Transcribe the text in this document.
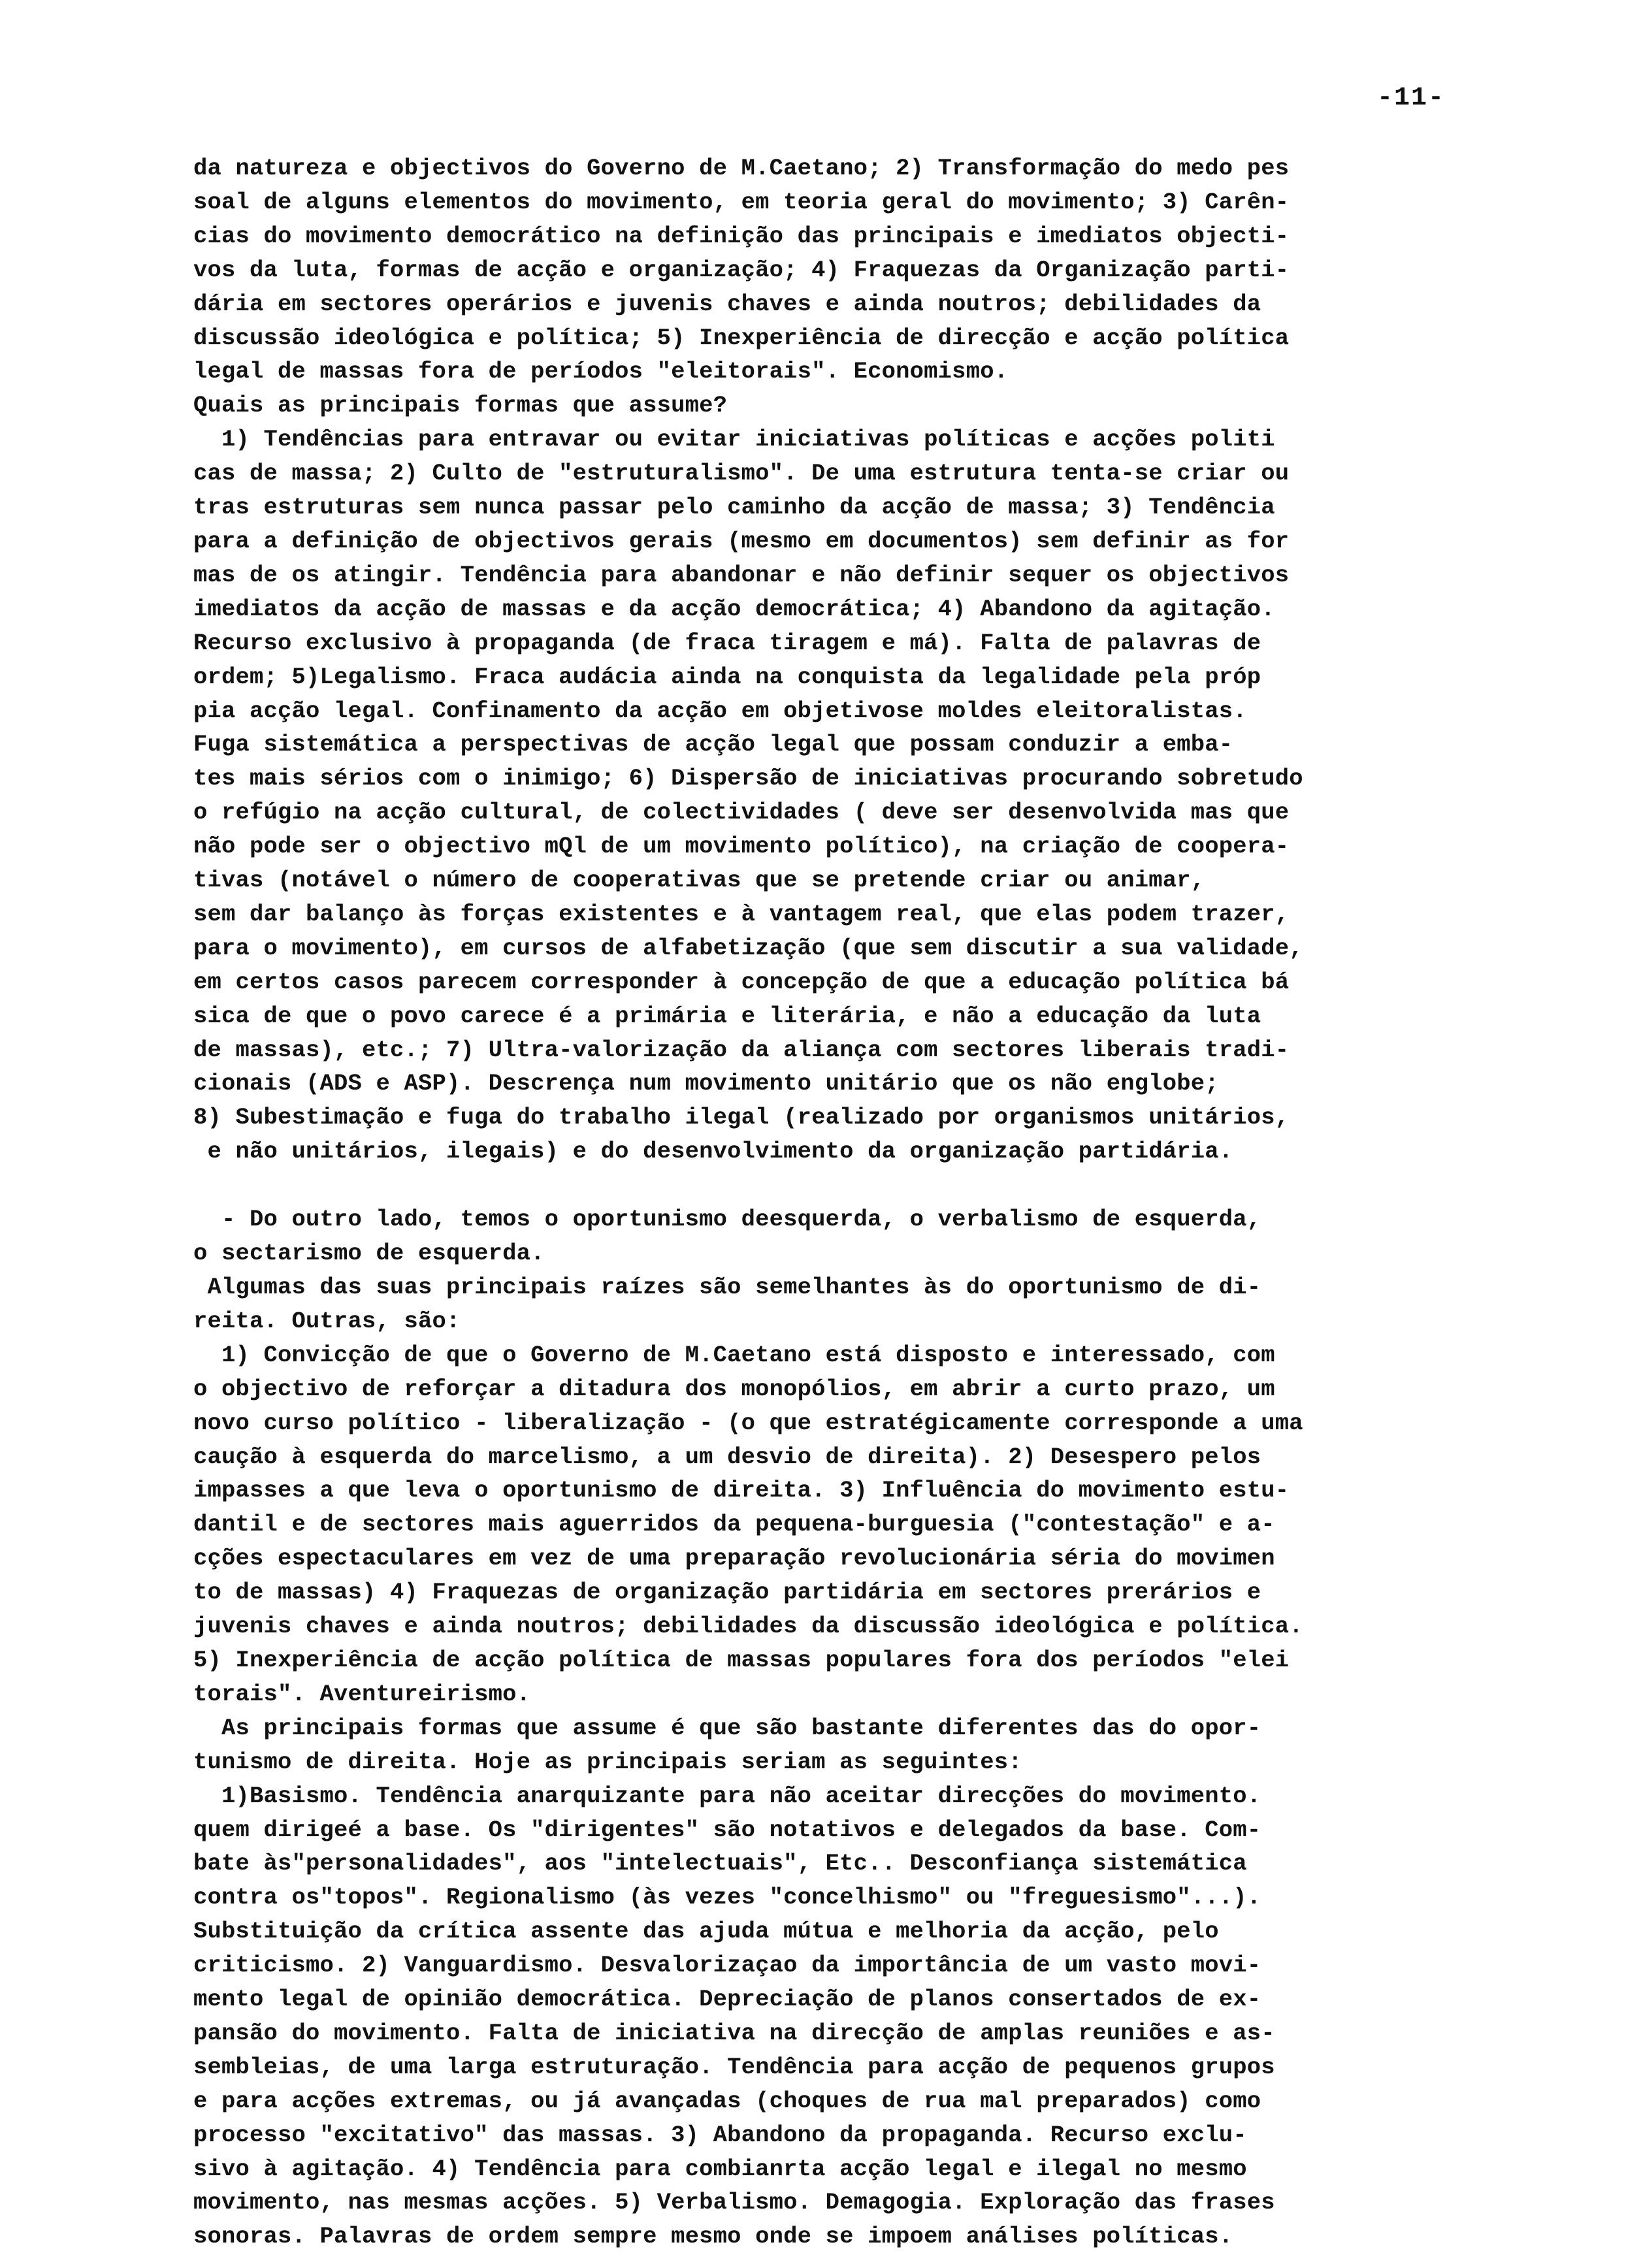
-11-
da natureza e objectivos do Governo de M.Caetano; 2) Transformação do medo pes
soal de alguns elementos do movimento, em teoria geral do movimento; 3) Carên-
cias do movimento democrático na definição das principais e imediatos objecti-
vos da luta, formas de acção e organização; 4) Fraquezas da Organização parti-
dária em sectores operários e juvenis chaves e ainda noutros; debilidades da
discussão ideológica e política; 5) Inexperiência de direcção e acção política
legal de massas fora de períodos "eleitorais". Economismo.
Quais as principais formas que assume?
1) Tendências para entravar ou evitar iniciativas políticas e acções politi
cas de massa; 2) Culto de "estruturalismo". De uma estrutura tenta-se criar ou
tras estruturas sem nunca passar pelo caminho da acção de massa; 3) Tendência
para a definição de objectivos gerais (mesmo em documentos) sem definir as for
mas de os atingir. Tendência para abandonar e não definir sequer os objectivos
imediatos da acção de massas e da acção democrática; 4) Abandono da agitação.
Recurso exclusivo à propaganda (de fraca tiragem e má). Falta de palavras de
ordem; 5)Legalismo. Fraca audácia ainda na conquista da legalidade pela próp
pia acção legal. Confinamento da acção em objetivose moldes eleitoralistas.
Fuga sistemática a perspectivas de acção legal que possam conduzir a emba-
tes mais sérios com o inimigo; 6) Dispersão de iniciativas procurando sobretudo
o refúgio na acção cultural, de colectividades ( deve ser desenvolvida mas que
não pode ser o objectivo mQl de um movimento político), na criação de coopera-
tivas (notável o número de cooperativas que se pretende criar ou animar,
sem dar balanço às forças existentes e à vantagem real, que elas podem trazer,
para o movimento), em cursos de alfabetização (que sem discutir a sua validade,
em certos casos parecem corresponder à concepção de que a educação política bá
sica de que o povo carece é a primária e literária, e não a educação da luta
de massas), etc.; 7) Ultra-valorização da aliança com sectores liberais tradi-
cionais (ADS e ASP). Descrença num movimento unitário que os não englobe;
8) Subestimação e fuga do trabalho ilegal (realizado por organismos unitários,
e não unitários, ilegais) e do desenvolvimento da organização partidária.
- Do outro lado, temos o oportunismo deesquerda, o verbalismo de esquerda,
o sectarismo de esquerda.
Algumas das suas principais raízes são semelhantes às do oportunismo de di-
reita. Outras, são:
1) Convicção de que o Governo de M.Caetano está disposto e interessado, com
o objectivo de reforçar a ditadura dos monopólios, em abrir a curto prazo, um
novo curso político - liberalização - (o que estratégicamente corresponde a uma
caução à esquerda do marcelismo, a um desvio de direita). 2) Desespero pelos
impasses a que leva o oportunismo de direita. 3) Influência do movimento estu-
dantil e de sectores mais aguerridos da pequena-burguesia ("contestação" e a-
cções espectaculares em vez de uma preparação revolucionária séria do movimen
to de massas) 4) Fraquezas de organização partidária em sectores prerários e
juvenis chaves e ainda noutros; debilidades da discussão ideológica e política.
5) Inexperiência de acção política de massas populares fora dos períodos "elei
torais". Aventureirismo.
As principais formas que assume é que são bastante diferentes das do opor-
tunismo de direita. Hoje as principais seriam as seguintes:
1)Basismo. Tendência anarquizante para não aceitar direcções do movimento.
quem dirigeé a base. Os "dirigentes" são notativos e delegados da base. Com-
bate às"personalidades", aos "intelectuais", Etc.. Desconfiança sistemática
contra os"topos". Regionalismo (às vezes "concelhismo" ou "freguesismo"...).
Substituição da crítica assente das ajuda mútua e melhoria da acção, pelo
criticismo. 2) Vanguardismo. Desvalorizaçao da importância de um vasto movi-
mento legal de opinião democrática. Depreciação de planos consertados de ex-
pansão do movimento. Falta de iniciativa na direcção de amplas reuniões e as-
sembleias, de uma larga estruturação. Tendência para acção de pequenos grupos
e para acções extremas, ou já avançadas (choques de rua mal preparados) como
processo "excitativo" das massas. 3) Abandono da propaganda. Recurso exclu-
sivo à agitação. 4) Tendência para combianrta acção legal e ilegal no mesmo
movimento, nas mesmas acções. 5) Verbalismo. Demagogia. Exploração das frases
sonoras. Palavras de ordem sempre mesmo onde se impoem análises políticas.
